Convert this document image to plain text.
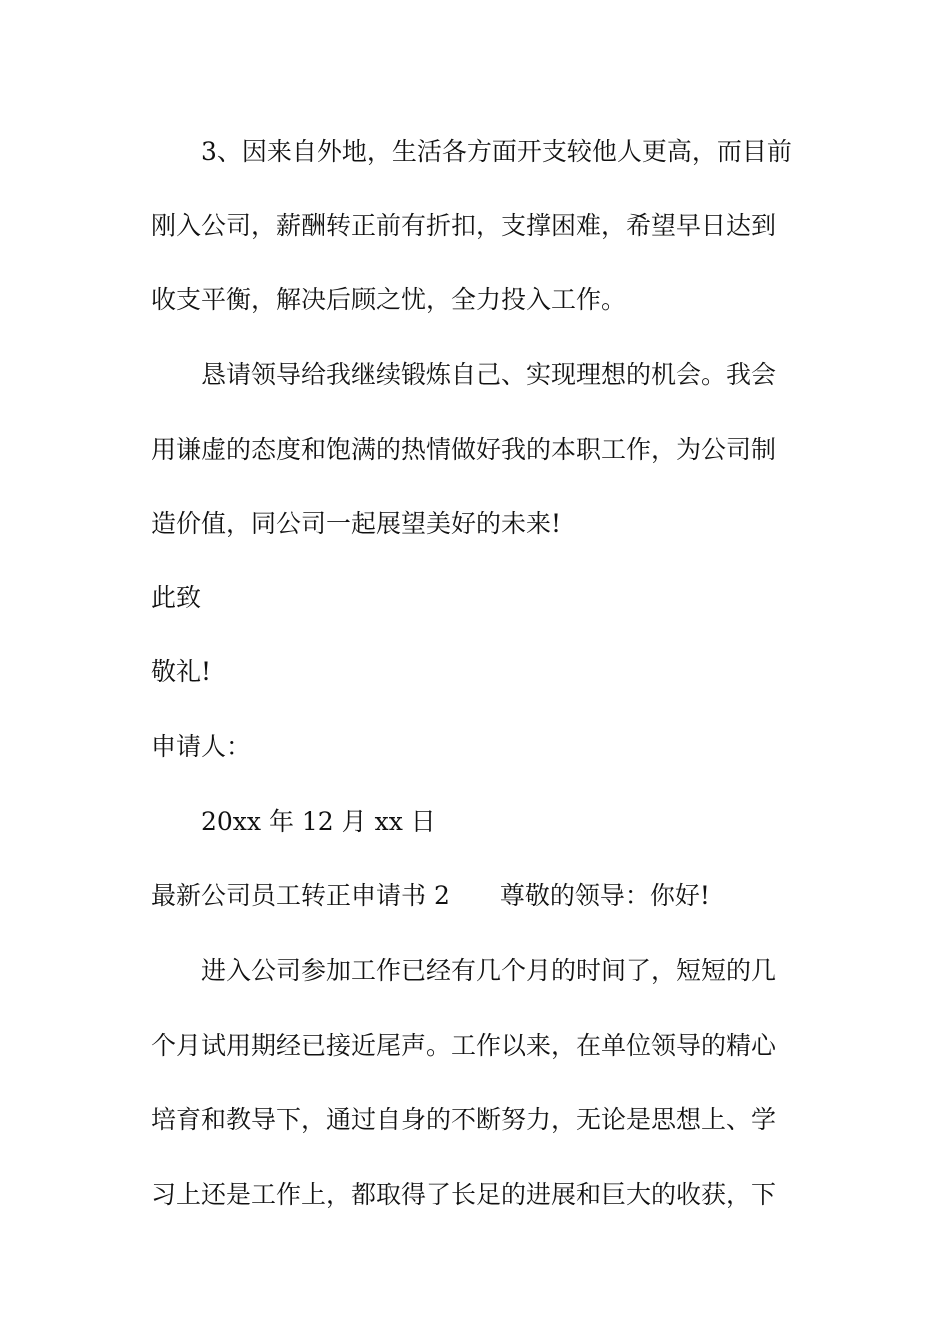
3、因来自外地，生活各方面开支较他人更高，而目前

刚入公司，薪酬转正前有折扣，支撑困难，希望早日达到

收支平衡，解决后顾之忧，全力投入工作。

恳请领导给我继续锻炼自己、实现理想的机会。我会

用谦虚的态度和饱满的热情做好我的本职工作，为公司制

造价值，同公司一起展望美好的未来!

此致

敬礼!

申请人：

20xx 年 12 月 xx 日

最新公司员工转正申请书 2 尊敬的领导：你好!

进入公司参加工作已经有几个月的时间了，短短的几

个月试用期经已接近尾声。工作以来，在单位领导的精心

培育和教导下，通过自身的不断努力，无论是思想上、学

习上还是工作上，都取得了长足的进展和巨大的收获，下
